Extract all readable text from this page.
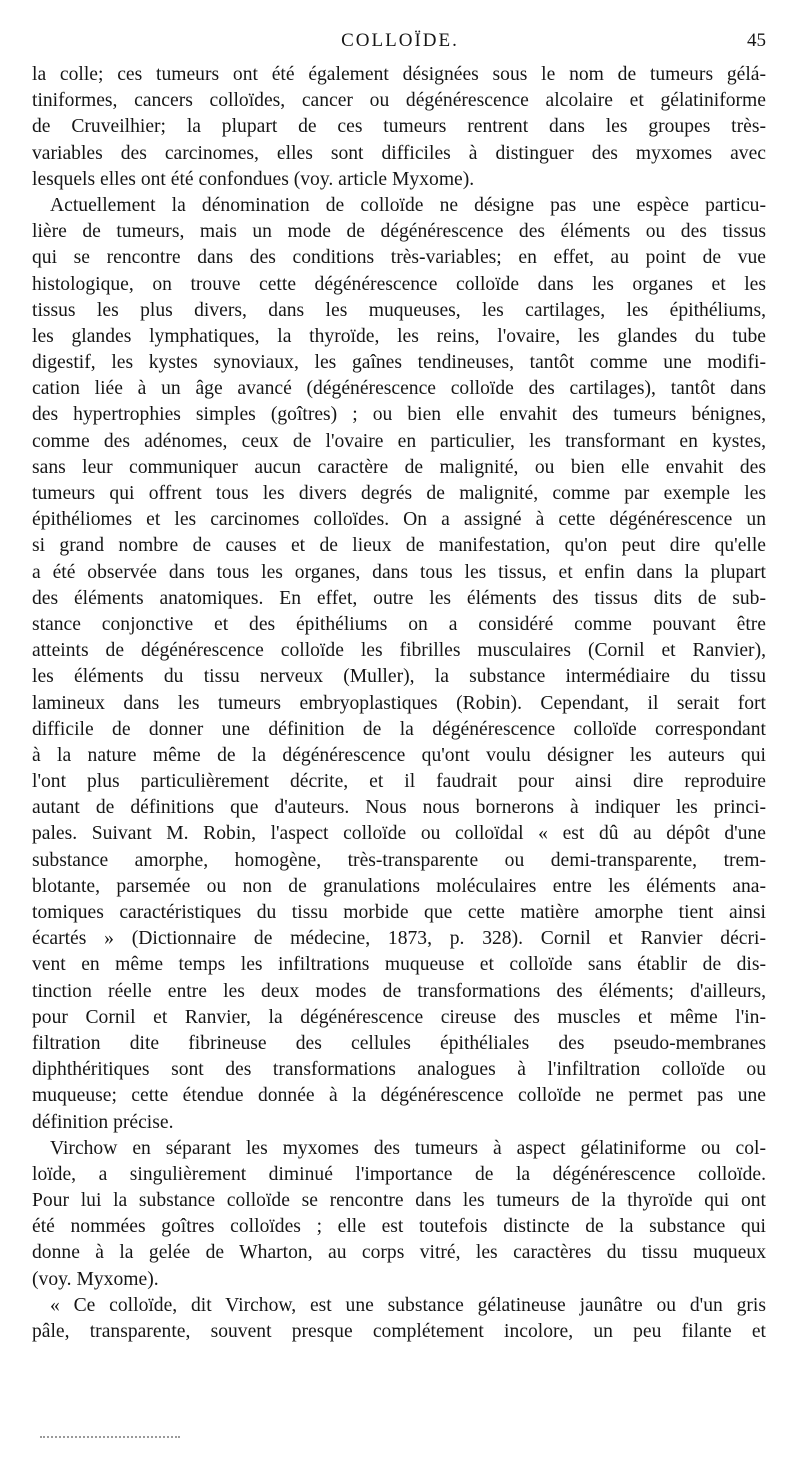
COLLOÏDE.	45
la colle; ces tumeurs ont été également désignées sous le nom de tumeurs gélá-
tiniformes, cancers colloïdes, cancer ou dégénérescence alcolaire et gélatiniforme
de Cruveilhier; la plupart de ces tumeurs rentrent dans les groupes très-
variables des carcinomes, elles sont difficiles à distinguer des myxomes avec
lesquels elles ont été confondues (voy. article Myxome).
Actuellement la dénomination de colloïde ne désigne pas une espèce particu-
lière de tumeurs, mais un mode de dégénérescence des éléments ou des tissus
qui se rencontre dans des conditions très-variables; en effet, au point de vue
histologique, on trouve cette dégénérescence colloïde dans les organes et les
tissus les plus divers, dans les muqueuses, les cartilages, les épithéliums,
les glandes lymphatiques, la thyroïde, les reins, l'ovaire, les glandes du tube
digestif, les kystes synoviaux, les gaînes tendineuses, tantôt comme une modifi-
cation liée à un âge avancé (dégénérescence colloïde des cartilages), tantôt dans
des hypertrophies simples (goîtres) ; ou bien elle envahit des tumeurs bénignes,
comme des adénomes, ceux de l'ovaire en particulier, les transformant en kystes,
sans leur communiquer aucun caractère de malignité, ou bien elle envahit des
tumeurs qui offrent tous les divers degrés de malignité, comme par exemple les
épithéliomes et les carcinomes colloïdes. On a assigné à cette dégénérescence un
si grand nombre de causes et de lieux de manifestation, qu'on peut dire qu'elle
a été observée dans tous les organes, dans tous les tissus, et enfin dans la plupart
des éléments anatomiques. En effet, outre les éléments des tissus dits de sub-
stance conjonctive et des épithéliums on a considéré comme pouvant être
atteints de dégénérescence colloïde les fibrilles musculaires (Cornil et Ranvier),
les éléments du tissu nerveux (Muller), la substance intermédiaire du tissu
lamineux dans les tumeurs embryoplastiques (Robin). Cependant, il serait fort
difficile de donner une définition de la dégénérescence colloïde correspondant
à la nature même de la dégénérescence qu'ont voulu désigner les auteurs qui
l'ont plus particulièrement décrite, et il faudrait pour ainsi dire reproduire
autant de définitions que d'auteurs. Nous nous bornerons à indiquer les princi-
pales. Suivant M. Robin, l'aspect colloïde ou colloïdal « est dû au dépôt d'une
substance amorphe, homogène, très-transparente ou demi-transparente, trem-
blotante, parsemée ou non de granulations moléculaires entre les éléments ana-
tomiques caractéristiques du tissu morbide que cette matière amorphe tient ainsi
écartés » (Dictionnaire de médecine, 1873, p. 328). Cornil et Ranvier décri-
vent en même temps les infiltrations muqueuse et colloïde sans établir de dis-
tinction réelle entre les deux modes de transformations des éléments; d'ailleurs,
pour Cornil et Ranvier, la dégénérescence cireuse des muscles et même l'in-
filtration dite fibrineuse des cellules épithéliales des pseudo-membranes
diphthéritiques sont des transformations analogues à l'infiltration colloïde ou
muqueuse; cette étendue donnée à la dégénérescence colloïde ne permet pas une
définition précise.
Virchow en séparant les myxomes des tumeurs à aspect gélatiniforme ou col-
loïde, a singulièrement diminué l'importance de la dégénérescence colloïde.
Pour lui la substance colloïde se rencontre dans les tumeurs de la thyroïde qui ont
été nommées goîtres colloïdes ; elle est toutefois distincte de la substance qui
donne à la gelée de Wharton, au corps vitré, les caractères du tissu muqueux
(voy. Myxome).
« Ce colloïde, dit Virchow, est une substance gélatineuse jaunâtre ou d'un gris
pâle, transparente, souvent presque complétement incolore, un peu filante et
